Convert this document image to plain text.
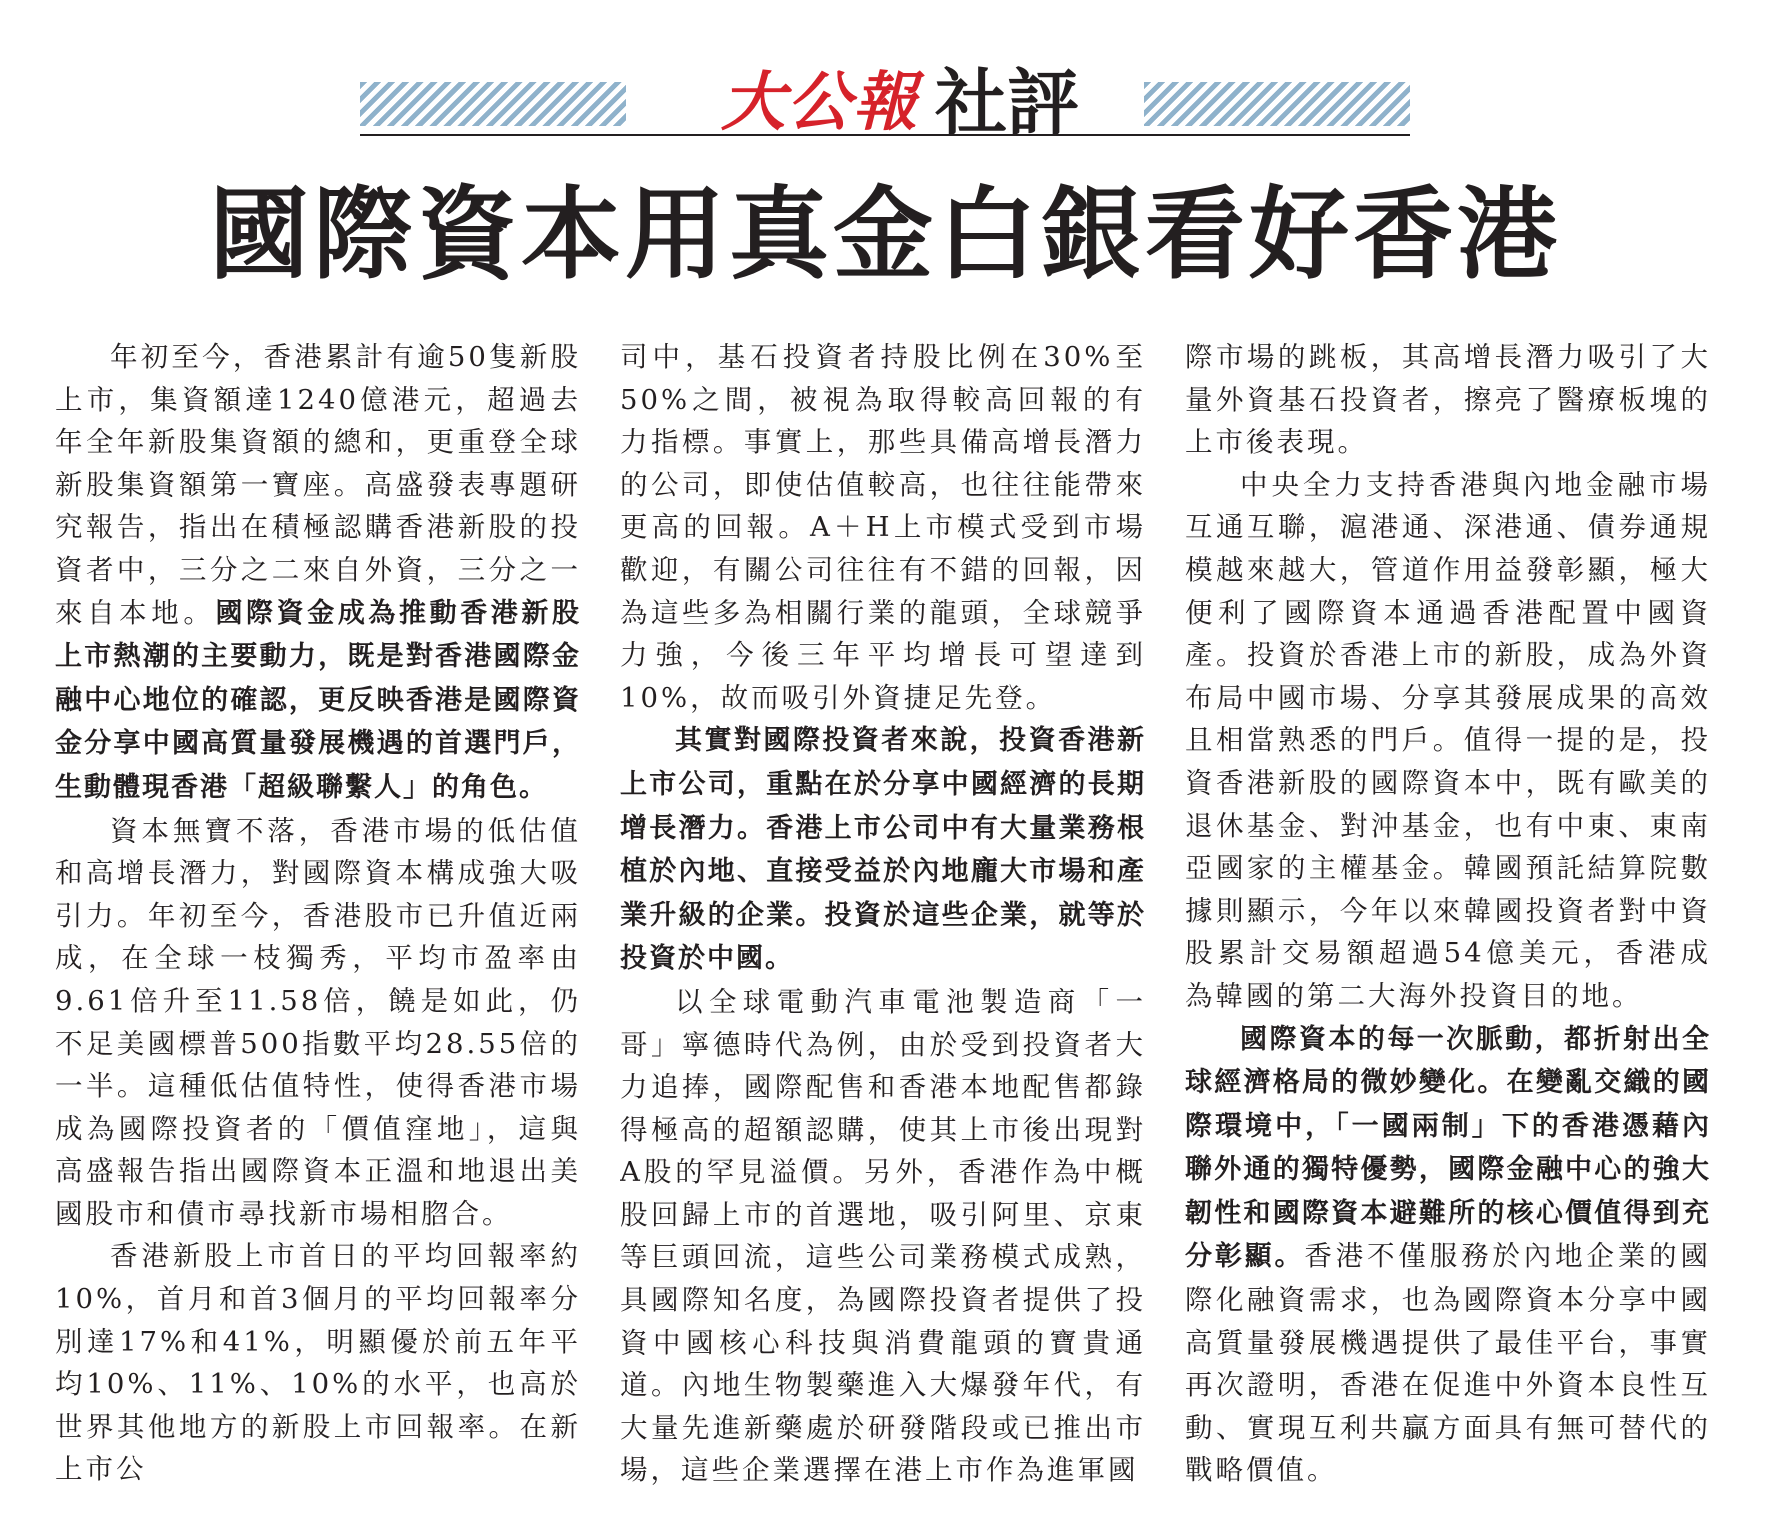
大公報 社評
國際資本用真金白銀看好香港

年初至今，香港累計有逾50隻新股上市，集資額達1240億港元，超過去年全年新股集資額的總和，更重登全球新股集資額第一寶座。高盛發表專題研究報告，指出在積極認購香港新股的投資者中，三分之二來自外資，三分之一來自本地。國際資金成為推動香港新股上市熱潮的主要動力，既是對香港國際金融中心地位的確認，更反映香港是國際資金分享中國高質量發展機遇的首選門戶，生動體現香港「超級聯繫人」的角色。

資本無寶不落，香港市場的低估值和高增長潛力，對國際資本構成強大吸引力。年初至今，香港股市已升值近兩成，在全球一枝獨秀，平均市盈率由9.61倍升至11.58倍，饒是如此，仍不足美國標普500指數平均28.55倍的一半。這種低估值特性，使得香港市場成為國際投資者的「價值窪地」，這與高盛報告指出國際資本正溫和地退出美國股市和債市尋找新市場相脗合。

香港新股上市首日的平均回報率約10%，首月和首3個月的平均回報率分別達17%和41%，明顯優於前五年平均10%、11%、10%的水平，也高於世界其他地方的新股上市回報率。在新上市公

司中，基石投資者持股比例在30%至50%之間，被視為取得較高回報的有力指標。事實上，那些具備高增長潛力的公司，即使估值較高，也往往能帶來更高的回報。A＋H上市模式受到市場歡迎，有關公司往往有不錯的回報，因為這些多為相關行業的龍頭，全球競爭力強，今後三年平均增長可望達到10%，故而吸引外資捷足先登。

其實對國際投資者來說，投資香港新上市公司，重點在於分享中國經濟的長期增長潛力。香港上市公司中有大量業務根植於內地、直接受益於內地龐大市場和產業升級的企業。投資於這些企業，就等於投資於中國。

以全球電動汽車電池製造商「一哥」寧德時代為例，由於受到投資者大力追捧，國際配售和香港本地配售都錄得極高的超額認購，使其上市後出現對A股的罕見溢價。另外，香港作為中概股回歸上市的首選地，吸引阿里、京東等巨頭回流，這些公司業務模式成熟，具國際知名度，為國際投資者提供了投資中國核心科技與消費龍頭的寶貴通道。內地生物製藥進入大爆發年代，有大量先進新藥處於研發階段或已推出市場，這些企業選擇在港上市作為進軍國

際市場的跳板，其高增長潛力吸引了大量外資基石投資者，擦亮了醫療板塊的上市後表現。

中央全力支持香港與內地金融市場互通互聯，滬港通、深港通、債券通規模越來越大，管道作用益發彰顯，極大便利了國際資本通過香港配置中國資產。投資於香港上市的新股，成為外資布局中國市場、分享其發展成果的高效且相當熟悉的門戶。值得一提的是，投資香港新股的國際資本中，既有歐美的退休基金、對沖基金，也有中東、東南亞國家的主權基金。韓國預託結算院數據則顯示，今年以來韓國投資者對中資股累計交易額超過54億美元，香港成為韓國的第二大海外投資目的地。

國際資本的每一次脈動，都折射出全球經濟格局的微妙變化。在變亂交織的國際環境中，「一國兩制」下的香港憑藉內聯外通的獨特優勢，國際金融中心的強大韌性和國際資本避難所的核心價值得到充分彰顯。香港不僅服務於內地企業的國際化融資需求，也為國際資本分享中國高質量發展機遇提供了最佳平台，事實再次證明，香港在促進中外資本良性互動、實現互利共贏方面具有無可替代的戰略價值。
